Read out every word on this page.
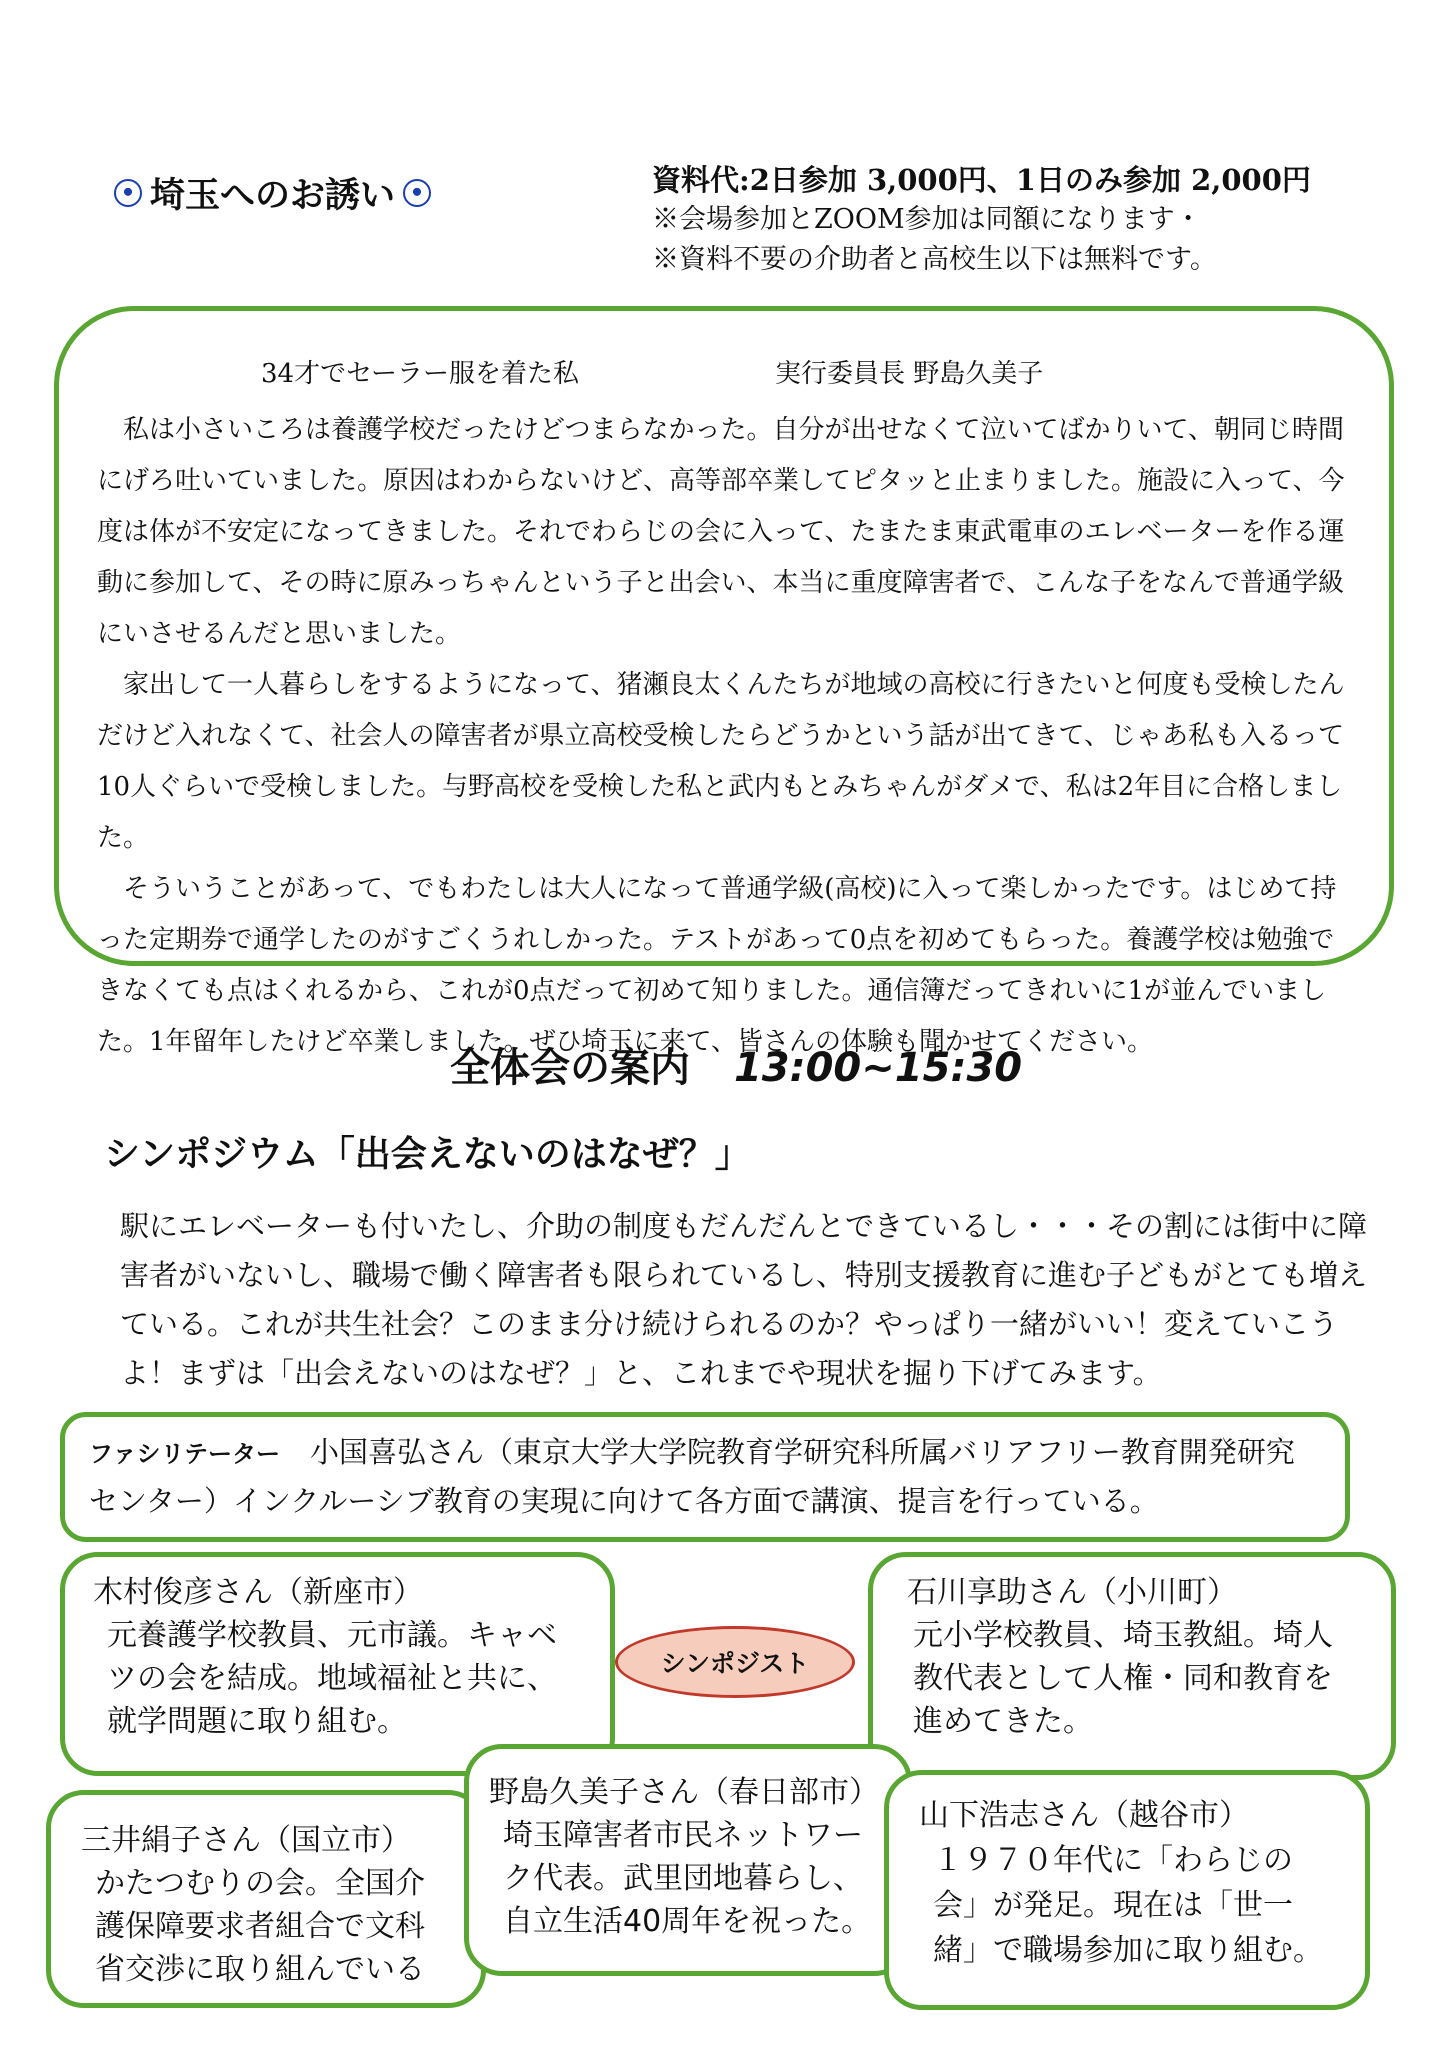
埼玉へのお誘い	資料代:2日参加 3,000円、1日のみ参加 2,000円
※会場参加とZOOM参加は同額になります・
※資料不要の介助者と高校生以下は無料です。
34才でセーラー服を着た私	実行委員長 野島久美子

私は小さいころは養護学校だったけどつまらなかった。自分が出せなくて泣いてばかりいて、朝同じ時間にげろ吐いていました。原因はわからないけど、高等部卒業してピタッと止まりました。施設に入って、今度は体が不安定になってきました。それでわらじの会に入って、たまたま東武電車のエレベーターを作る運動に参加して、その時に原みっちゃんという子と出会い、本当に重度障害者で、こんな子をなんで普通学級にいさせるんだと思いました。

家出して一人暮らしをするようになって、猪瀬良太くんたちが地域の高校に行きたいと何度も受検したんだけど入れなくて、社会人の障害者が県立高校受検したらどうかという話が出てきて、じゃあ私も入るって10人ぐらいで受検しました。与野高校を受検した私と武内もとみちゃんがダメで、私は2年目に合格しました。

そういうことがあって、でもわたしは大人になって普通学級(高校)に入って楽しかったです。はじめて持った定期券で通学したのがすごくうれしかった。テストがあって0点を初めてもらった。養護学校は勉強できなくても点はくれるから、これが0点だって初めて知りました。通信簿だってきれいに1が並んでいました。1年留年したけど卒業しました。ぜひ埼玉に来て、皆さんの体験も聞かせてください。

全体会の案内 13:00~15:30
シンポジウム「出会えないのはなぜ？」
駅にエレベーターも付いたし、介助の制度もだんだんとできているし・・・その割には街中に障害者がいないし、職場で働く障害者も限られているし、特別支援教育に進む子どもがとても増えている。これが共生社会？このまま分け続けられるのか？やっぱり一緒がいい！変えていこうよ！まずは「出会えないのはなぜ？」と、これまでや現状を掘り下げてみます。
ファシリテーター 小国喜弘さん（東京大学大学院教育学研究科所属バリアフリー教育開発研究センター）インクルーシブ教育の実現に向けて各方面で講演、提言を行っている。
木村俊彦さん（新座市）
元養護学校教員、元市議。キャベツの会を結成。地域福祉と共に、就学問題に取り組む。
シンポジスト
石川享助さん（小川町）
元小学校教員、埼玉教組。埼人教代表として人権・同和教育を進めてきた。
三井絹子さん（国立市）
かたつむりの会。全国介護保障要求者組合で文科省交渉に取り組んでいる
野島久美子さん（春日部市）
埼玉障害者市民ネットワーク代表。武里団地暮らし、自立生活40周年を祝った。
山下浩志さん（越谷市）
１９７０年代に「わらじの会」が発足。現在は「世一緒」で職場参加に取り組む。
